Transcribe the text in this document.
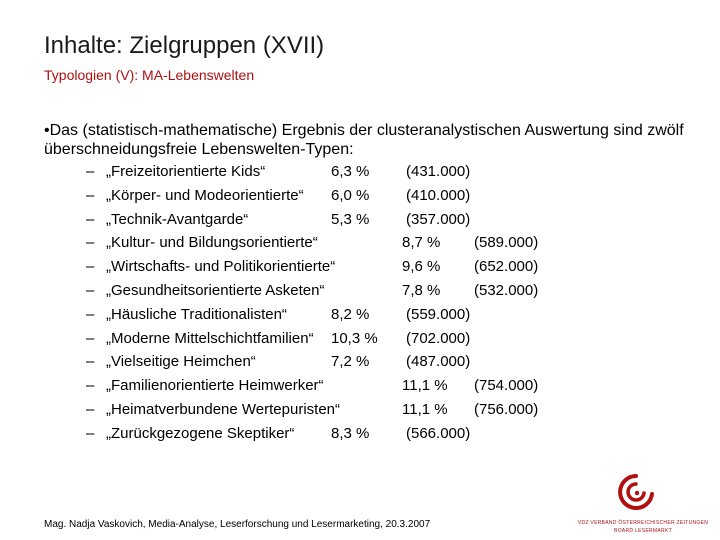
Inhalte: Zielgruppen (XVII)
Typologien (V): MA-Lebenswelten
•Das (statistisch-mathematische) Ergebnis der clusteranalystischen Auswertung sind zwölf überschneidungsfreie Lebenswelten-Typen:
– „Freizeitorientierte Kids“	6,3 % (431.000)
– „Körper- und Modeorientierte“ 6,0 % (410.000)
– „Technik-Avantgarde“	5,3 % (357.000)
– „Kultur- und Bildungsorientierte“	8,7 % (589.000)
– „Wirtschafts- und Politikorientierte“	9,6 % (652.000)
– „Gesundheitsorientierte Asketen“	7,8 % (532.000)
– „Häusliche Traditionalisten“	8,2 % (559.000)
– „Moderne Mittelschichtfamilien“ 10,3 % (702.000)
– „Vielseitige Heimchen“	7,2 % (487.000)
– „Familienorientierte Heimwerker“	11,1 % (754.000)
– „Heimatverbundene Wertepuristen“	11,1 % (756.000)
– „Zurückgezogene Skeptiker“ 8,3 % (566.000)
Mag. Nadja Vaskovich, Media-Analyse, Leserforschung und Lesermarketing, 20.3.2007	VDZ VERBAND ÖSTERREICHISCHER ZEITUNGEN
BOARD LESERMARKT
